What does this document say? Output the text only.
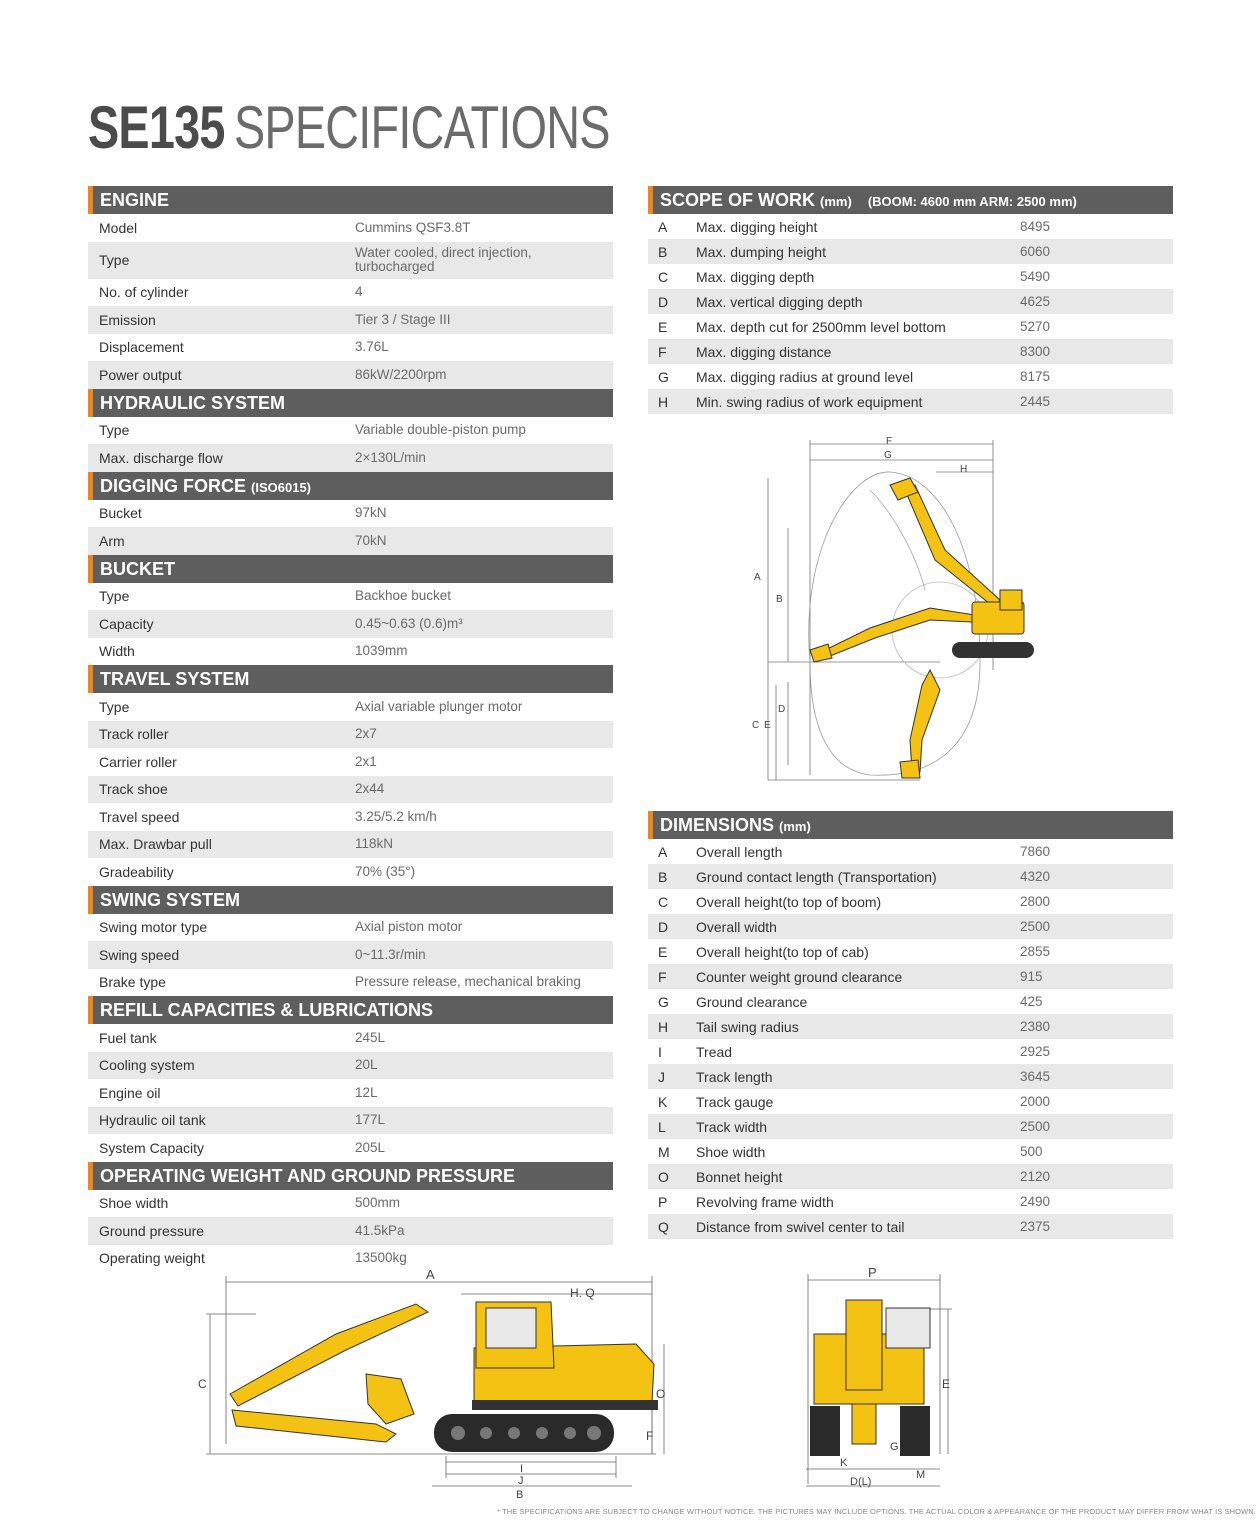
SE135 SPECIFICATIONS
ENGINE
Model	Cummins QSF3.8T
Type	Water cooled, direct injection, turbocharged
No. of cylinder	4
Emission	Tier 3 / Stage III
Displacement	3.76L
Power output	86kW/2200rpm
HYDRAULIC SYSTEM
Type	Variable double-piston pump
Max. discharge flow	2×130L/min
DIGGING FORCE (ISO6015)
Bucket	97kN
Arm	70kN
BUCKET
Type	Backhoe bucket
Capacity	0.45~0.63 (0.6)m³
Width	1039mm
TRAVEL SYSTEM
Type	Axial variable plunger motor
Track roller	2x7
Carrier roller	2x1
Track shoe	2x44
Travel speed	3.25/5.2 km/h
Max. Drawbar pull	118kN
Gradeability	70% (35°)
SWING SYSTEM
Swing motor type	Axial piston motor
Swing speed	0~11.3r/min
Brake type	Pressure release, mechanical braking
REFILL CAPACITIES & LUBRICATIONS
Fuel tank	245L
Cooling system	20L
Engine oil	12L
Hydraulic oil tank	177L
System Capacity	205L
OPERATING WEIGHT AND GROUND PRESSURE
Shoe width	500mm
Ground pressure	41.5kPa
Operating weight	13500kg
SCOPE OF WORK (mm) (BOOM: 4600 mm ARM: 2500 mm)
A	Max. digging height	8495
B	Max. dumping height	6060
C	Max. digging depth	5490
D	Max. vertical digging depth	4625
E	Max. depth cut for 2500mm level bottom	5270
F	Max. digging distance	8300
G	Max. digging radius at ground level	8175
H	Min. swing radius of work equipment	2445
F
G
H
A
B
C
D
E
DIMENSIONS (mm)
A	Overall length	7860
B	Ground contact length (Transportation)	4320
C	Overall height(to top of boom)	2800
D	Overall width	2500
E	Overall height(to top of cab)	2855
F	Counter weight ground clearance	915
G	Ground clearance	425
H	Tail swing radius	2380
I	Tread	2925
J	Track length	3645
K	Track gauge	2000
L	Track width	2500
M	Shoe width	500
O	Bonnet height	2120
P	Revolving frame width	2490
Q	Distance from swivel center to tail	2375
A
H. Q
C
O
F
I
J
B
P
E
G
K
M
D(L)
* THE SPECIFICATIONS ARE SUBJECT TO CHANGE WITHOUT NOTICE. THE PICTURES MAY INCLUDE OPTIONS. THE ACTUAL COLOR & APPEARANCE OF THE PRODUCT MAY DIFFER FROM WHAT IS SHOWN.
